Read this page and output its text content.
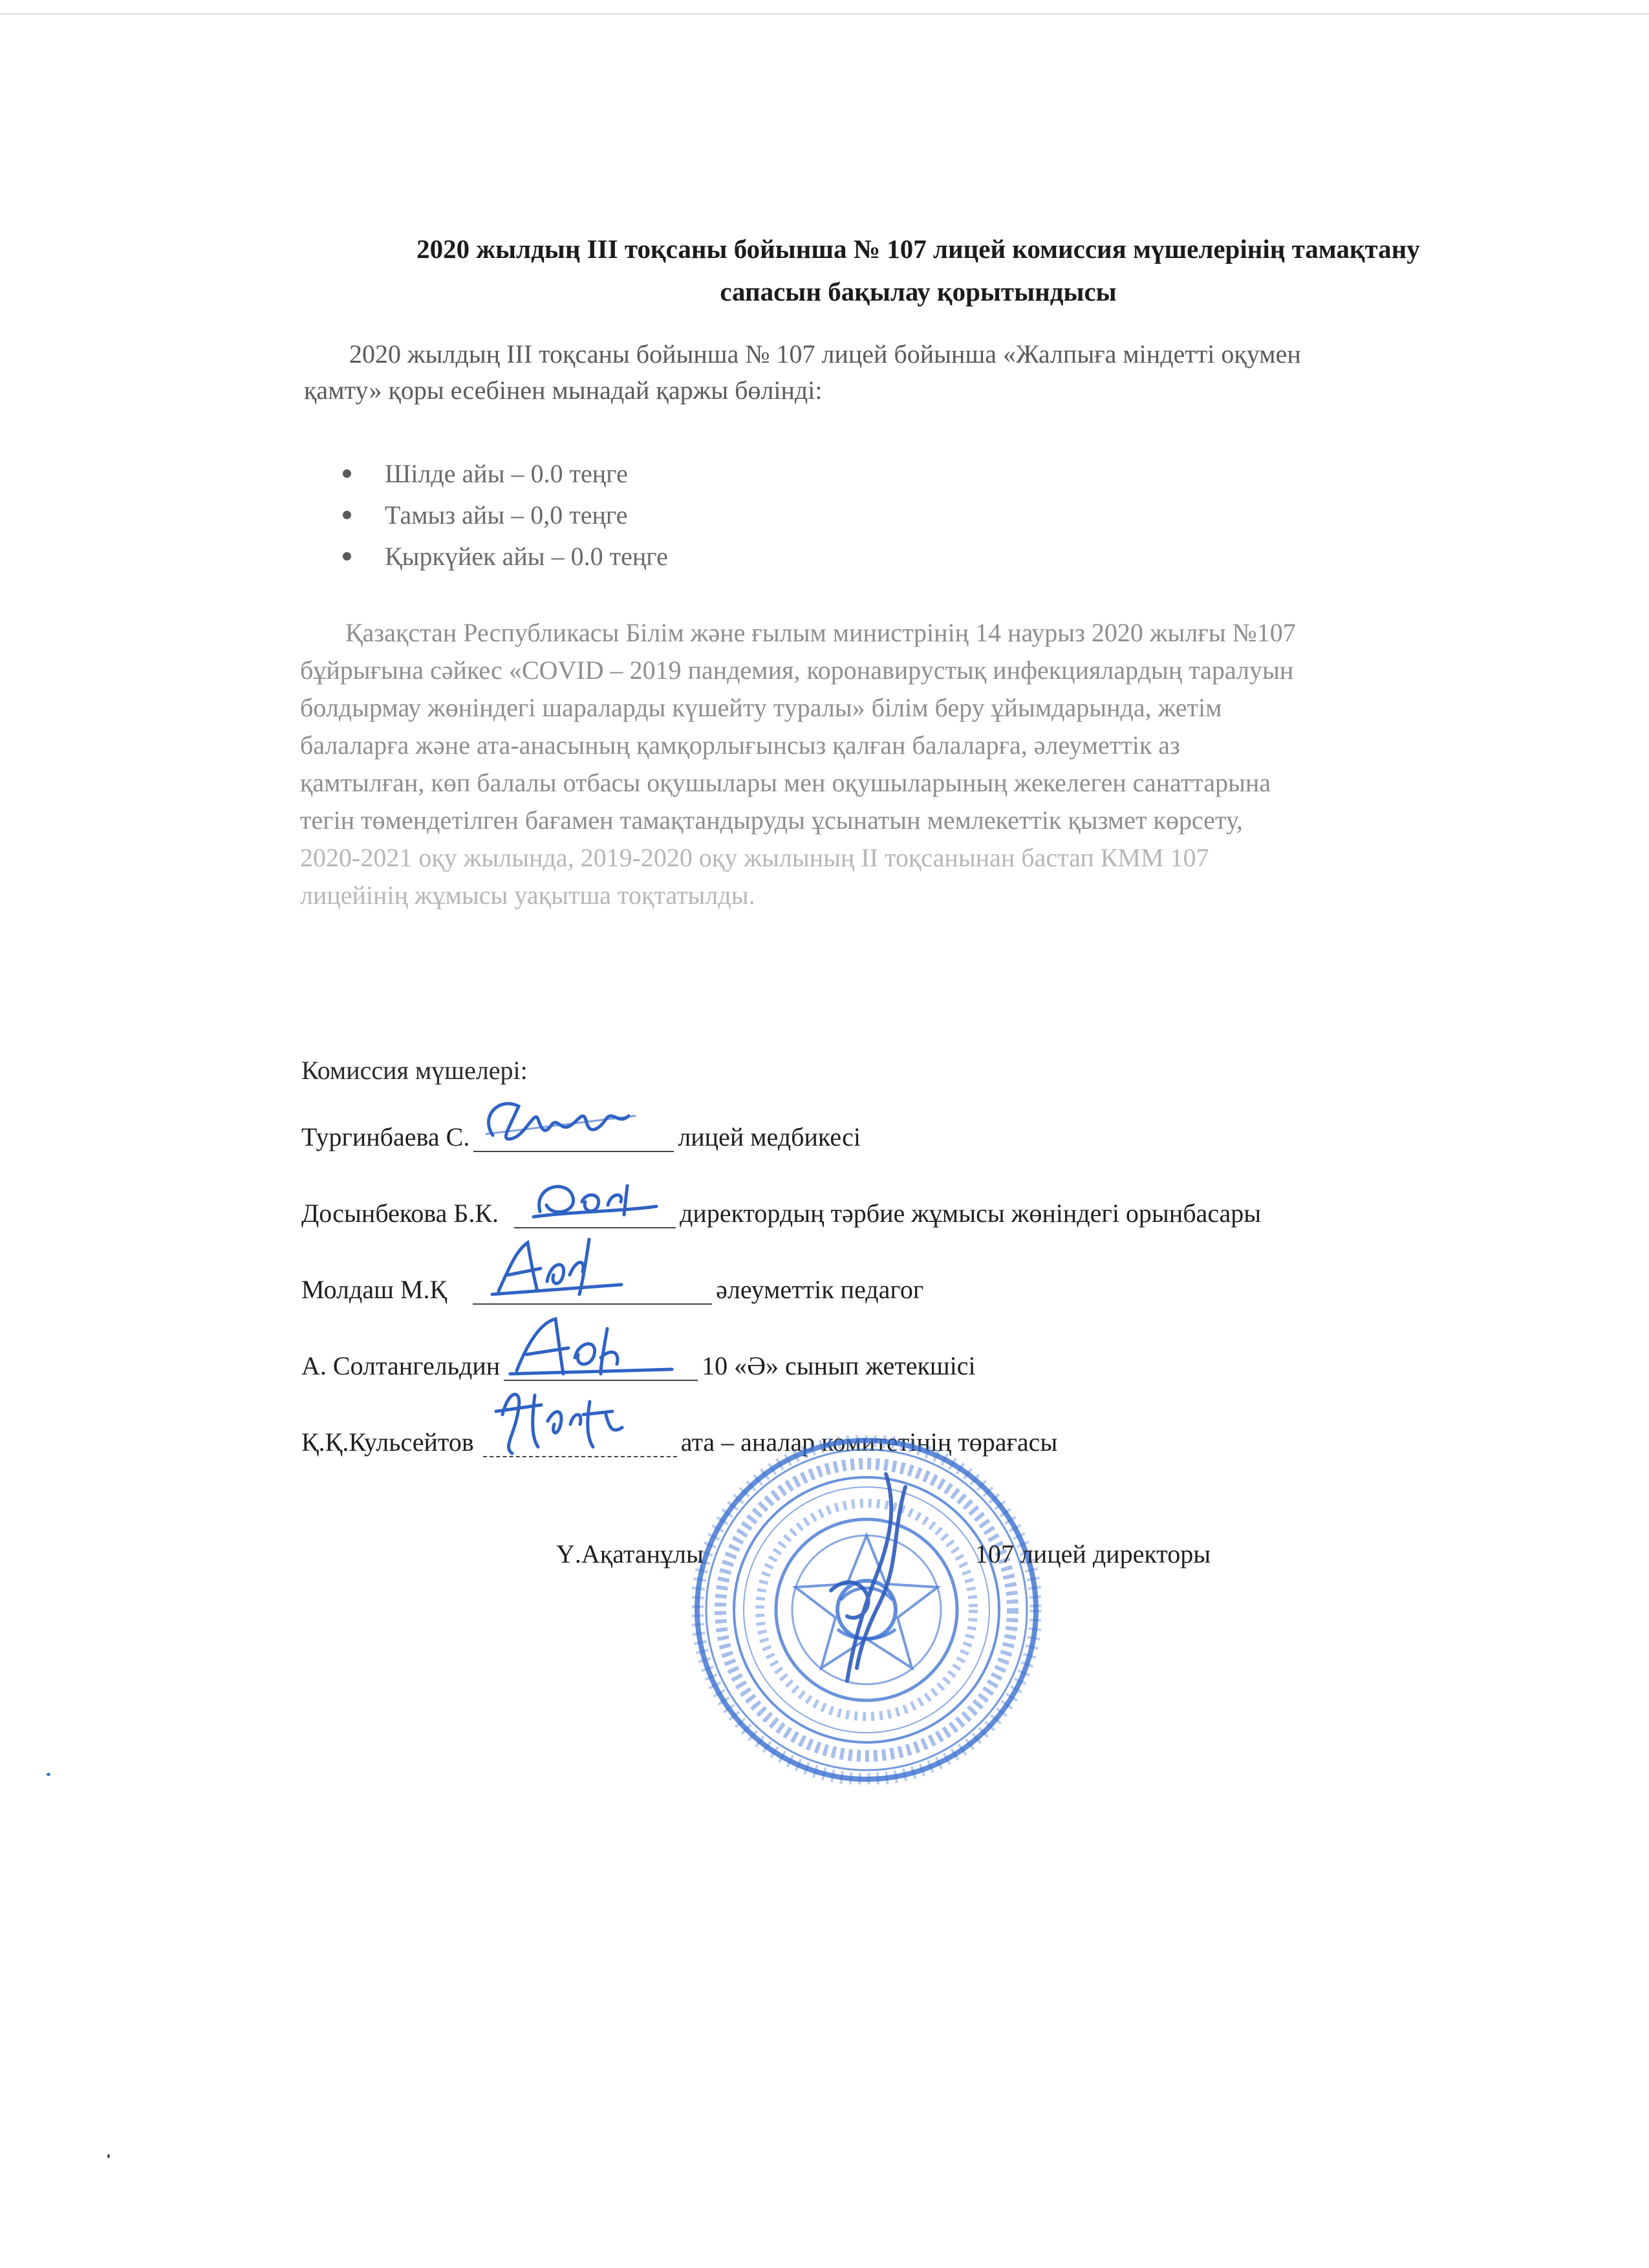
2020 жылдың III тоқсаны бойынша № 107 лицей комиссия мүшелерінің тамақтану
сапасын бақылау қорытындысы
2020 жылдың III тоқсаны бойынша № 107 лицей бойынша «Жалпыға міндетті оқумен
қамту» қоры есебінен мынадай қаржы бөлінді:
Шілде айы – 0.0 теңге
Тамыз айы – 0,0 теңге
Қыркүйек айы – 0.0 теңге
Қазақстан Республикасы Білім және ғылым министрінің 14 наурыз 2020 жылғы №107
бұйрығына сәйкес «COVID – 2019 пандемия, коронавирустық инфекциялардың таралуын
болдырмау жөніндегі шараларды күшейту туралы» білім беру ұйымдарында, жетім
балаларға және ата-анасының қамқорлығынсыз қалған балаларға, әлеуметтік аз
қамтылған, көп балалы отбасы оқушылары мен оқушыларының жекелеген санаттарына
тегін төмендетілген бағамен тамақтандыруды ұсынатын мемлекеттік қызмет көрсету,
2020-2021 оқу жылында, 2019-2020 оқу жылының II тоқсанынан бастап КММ 107
лицейінің жұмысы уақытша тоқтатылды.
Комиссия мүшелері:
Тургинбаева С.	лицей медбикесі
Досынбекова Б.К.	директордың тәрбие жұмысы жөніндегі орынбасары
Молдаш М.Қ	әлеуметтік педагог
А. Солтангельдин	10 «Ә» сынып жетекшісі
Қ.Қ.Кульсейтов	ата – аналар комитетінің төрағасы
Ү.Ақатанұлы	107 лицей директоры
